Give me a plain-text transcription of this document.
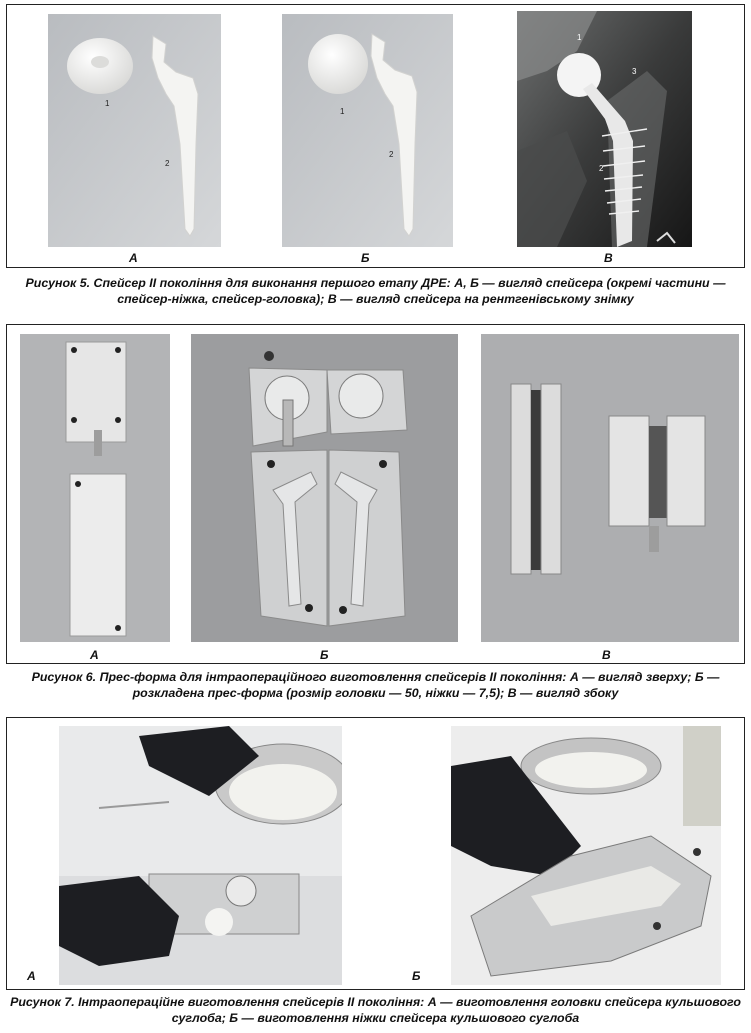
1
2
А
1
2
Б
1
2
3
В
Рисунок 5. Спейсер II покоління для виконання першого етапу ДРЕ: А, Б — вигляд спейсера (окремі частини — спейсер-ніжка, спейсер-головка); В — вигляд спейсера на рентгенівському знімку
А	Б	В
Рисунок 6. Прес-форма для інтраопераційного виготовлення спейсерів II покоління: А — вигляд зверху; Б — розкладена прес-форма (розмір головки — 50, ніжки — 7,5); В — вигляд збоку
А	Б
Рисунок 7. Інтраопераційне виготовлення спейсерів II покоління: А — виготовлення головки спейсера кульшового суглоба; Б — виготовлення ніжки спейсера кульшового суглоба
